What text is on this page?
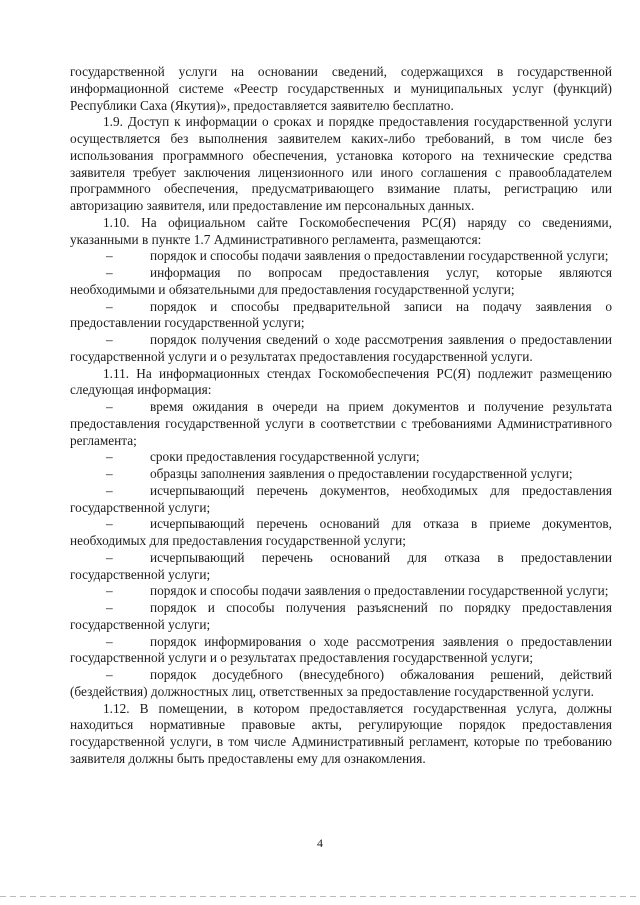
государственной услуги на основании сведений, содержащихся в государственной информационной системе «Реестр государственных и муниципальных услуг (функций) Республики Саха (Якутия)», предоставляется заявителю бесплатно.

1.9. Доступ к информации о сроках и порядке предоставления государственной услуги осуществляется без выполнения заявителем каких-либо требований, в том числе без использования программного обеспечения, установка которого на технические средства заявителя требует заключения лицензионного или иного соглашения с правообладателем программного обеспечения, предусматривающего взимание платы, регистрацию или авторизацию заявителя, или предоставление им персональных данных.

1.10. На официальном сайте Госкомобеспечения РС(Я) наряду со сведениями, указанными в пункте 1.7 Административного регламента, размещаются:

–	порядок и способы подачи заявления о предоставлении государственной услуги;

–	информация по вопросам предоставления услуг, которые являются необходимыми и обязательными для предоставления государственной услуги;

–	порядок и способы предварительной записи на подачу заявления о предоставлении государственной услуги;

–	порядок получения сведений о ходе рассмотрения заявления о предоставлении государственной услуги и о результатах предоставления государственной услуги.

1.11. На информационных стендах Госкомобеспечения РС(Я) подлежит размещению следующая информация:

–	время ожидания в очереди на прием документов и получение результата предоставления государственной услуги в соответствии с требованиями Административного регламента;

–	сроки предоставления государственной услуги;

–	образцы заполнения заявления о предоставлении государственной услуги;

–	исчерпывающий перечень документов, необходимых для предоставления государственной услуги;

–	исчерпывающий перечень оснований для отказа в приеме документов, необходимых для предоставления государственной услуги;

–	исчерпывающий перечень оснований для отказа в предоставлении государственной услуги;

–	порядок и способы подачи заявления о предоставлении государственной услуги;

–	порядок и способы получения разъяснений по порядку предоставления государственной услуги;

–	порядок информирования о ходе рассмотрения заявления о предоставлении государственной услуги и о результатах предоставления государственной услуги;

–	порядок досудебного (внесудебного) обжалования решений, действий (бездействия) должностных лиц, ответственных за предоставление государственной услуги.

1.12. В помещении, в котором предоставляется государственная услуга, должны находиться нормативные правовые акты, регулирующие порядок предоставления государственной услуги, в том числе Административный регламент, которые по требованию заявителя должны быть предоставлены ему для ознакомления.

4
